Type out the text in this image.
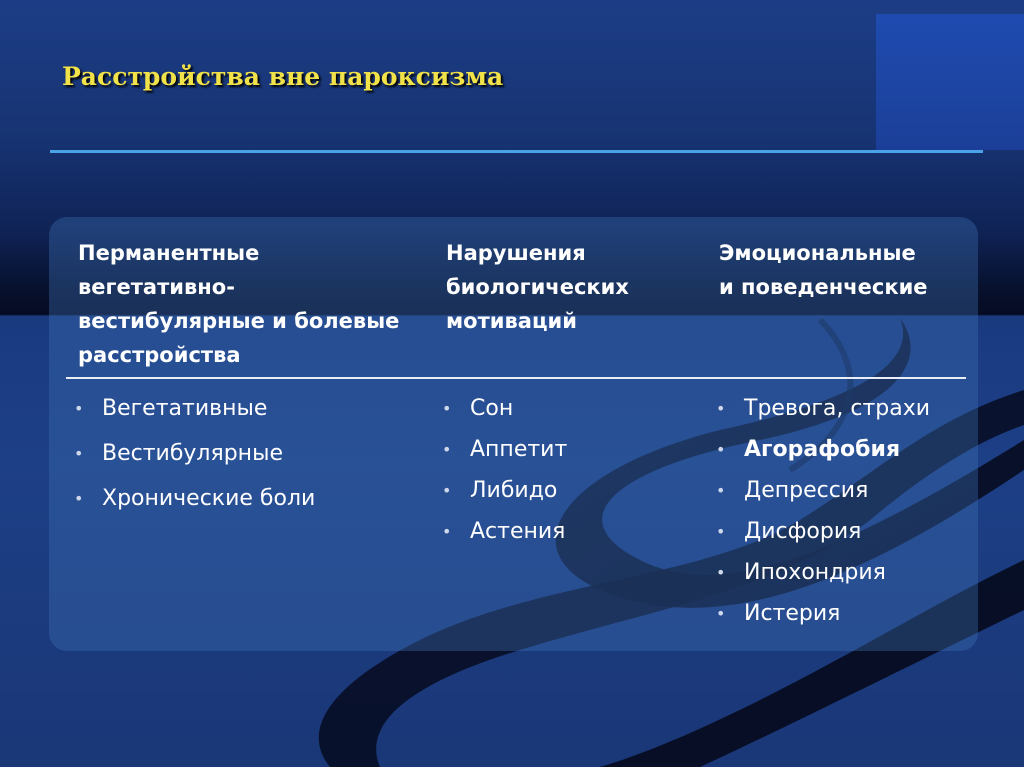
Расстройства вне пароксизма

Перманентные

вегетативно-

вестибулярные и болевые

расстройства

Нарушения

биологических

мотиваций

Эмоциональные

и поведенческие

• Вегетативные
• Вестибулярные
• Хронические боли
• Сон
• Аппетит
• Либидо
• Астения
• Тревога, страхи
• Агорафобия
• Депрессия
• Дисфория
• Ипохондрия
• Истерия
